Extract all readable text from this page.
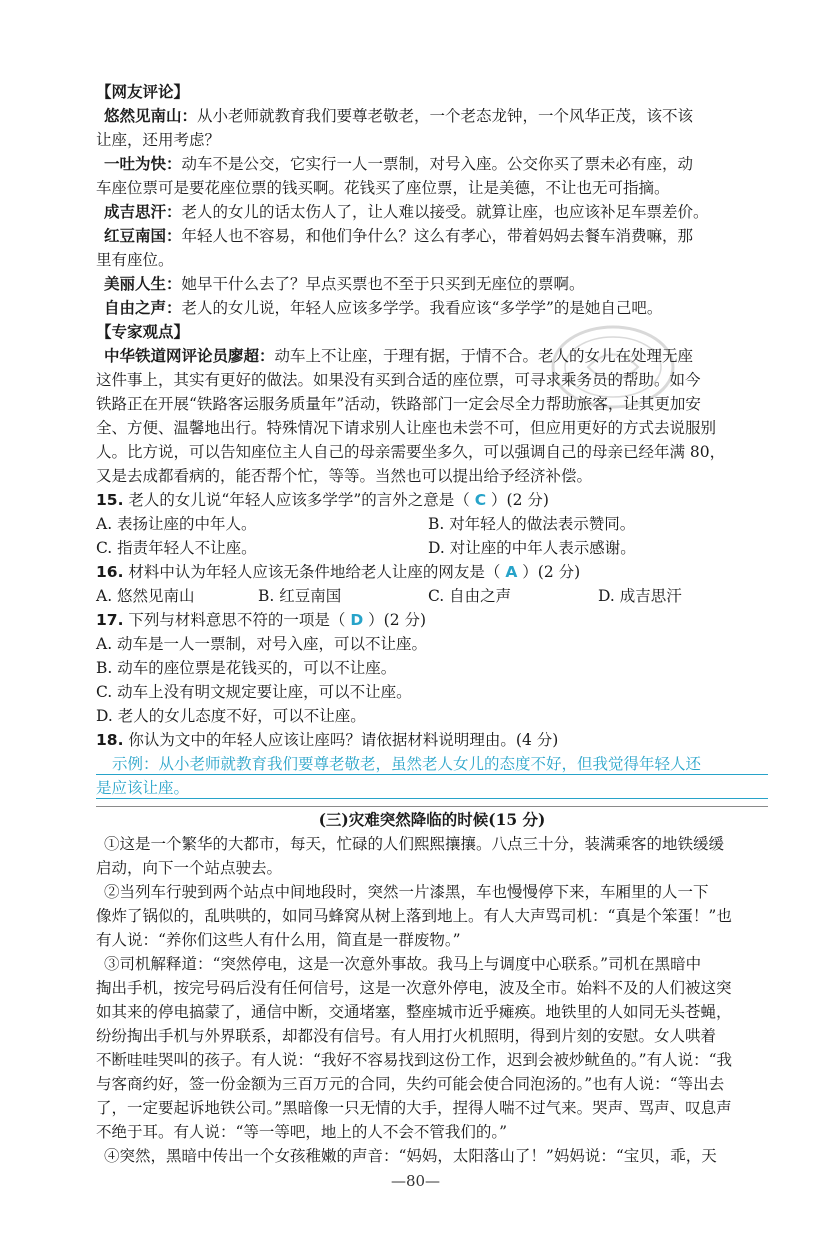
【网友评论】
悠然见南山：从小老师就教育我们要尊老敬老，一个老态龙钟，一个风华正茂，该不该
让座，还用考虑？
一吐为快：动车不是公交，它实行一人一票制，对号入座。公交你买了票未必有座，动
车座位票可是要花座位票的钱买啊。花钱买了座位票，让是美德，不让也无可指摘。
成吉思汗：老人的女儿的话太伤人了，让人难以接受。就算让座，也应该补足车票差价。
红豆南国：年轻人也不容易，和他们争什么？这么有孝心，带着妈妈去餐车消费嘛，那
里有座位。
美丽人生：她早干什么去了？早点买票也不至于只买到无座位的票啊。
自由之声：老人的女儿说，年轻人应该多学学。我看应该“多学学”的是她自己吧。
【专家观点】
中华铁道网评论员廖超：动车上不让座，于理有据，于情不合。老人的女儿在处理无座
这件事上，其实有更好的做法。如果没有买到合适的座位票，可寻求乘务员的帮助。如今
铁路正在开展“铁路客运服务质量年”活动，铁路部门一定会尽全力帮助旅客，让其更加安
全、方便、温馨地出行。特殊情况下请求别人让座也未尝不可，但应用更好的方式去说服别
人。比方说，可以告知座位主人自己的母亲需要坐多久，可以强调自己的母亲已经年满 80，
又是去成都看病的，能否帮个忙，等等。当然也可以提出给予经济补偿。
15. 老人的女儿说“年轻人应该多学学”的言外之意是（ C ）(2 分)
A. 表扬让座的中年人。	B. 对年轻人的做法表示赞同。
C. 指责年轻人不让座。	D. 对让座的中年人表示感谢。
16. 材料中认为年轻人应该无条件地给老人让座的网友是（ A ）(2 分)
A. 悠然见南山	B. 红豆南国	C. 自由之声	D. 成吉思汗
17. 下列与材料意思不符的一项是（ D ）(2 分)
A. 动车是一人一票制，对号入座，可以不让座。
B. 动车的座位票是花钱买的，可以不让座。
C. 动车上没有明文规定要让座，可以不让座。
D. 老人的女儿态度不好，可以不让座。
18. 你认为文中的年轻人应该让座吗？请依据材料说明理由。(4 分)
示例：从小老师就教育我们要尊老敬老，虽然老人女儿的态度不好，但我觉得年轻人还
是应该让座。
(三)灾难突然降临的时候(15 分)
①这是一个繁华的大都市，每天，忙碌的人们熙熙攘攘。八点三十分，装满乘客的地铁缓缓
启动，向下一个站点驶去。
②当列车行驶到两个站点中间地段时，突然一片漆黑，车也慢慢停下来，车厢里的人一下
像炸了锅似的，乱哄哄的，如同马蜂窝从树上落到地上。有人大声骂司机：“真是个笨蛋！”也
有人说：“养你们这些人有什么用，简直是一群废物。”
③司机解释道：“突然停电，这是一次意外事故。我马上与调度中心联系。”司机在黑暗中
掏出手机，按完号码后没有任何信号，这是一次意外停电，波及全市。始料不及的人们被这突
如其来的停电搞蒙了，通信中断，交通堵塞，整座城市近乎瘫痪。地铁里的人如同无头苍蝇，
纷纷掏出手机与外界联系，却都没有信号。有人用打火机照明，得到片刻的安慰。女人哄着
不断哇哇哭叫的孩子。有人说：“我好不容易找到这份工作，迟到会被炒鱿鱼的。”有人说：“我
与客商约好，签一份金额为三百万元的合同，失约可能会使合同泡汤的。”也有人说：“等出去
了，一定要起诉地铁公司。”黑暗像一只无情的大手，捏得人喘不过气来。哭声、骂声、叹息声
不绝于耳。有人说：“等一等吧，地上的人不会不管我们的。”
④突然，黑暗中传出一个女孩稚嫩的声音：“妈妈，太阳落山了！”妈妈说：“宝贝，乖，天
—80—
